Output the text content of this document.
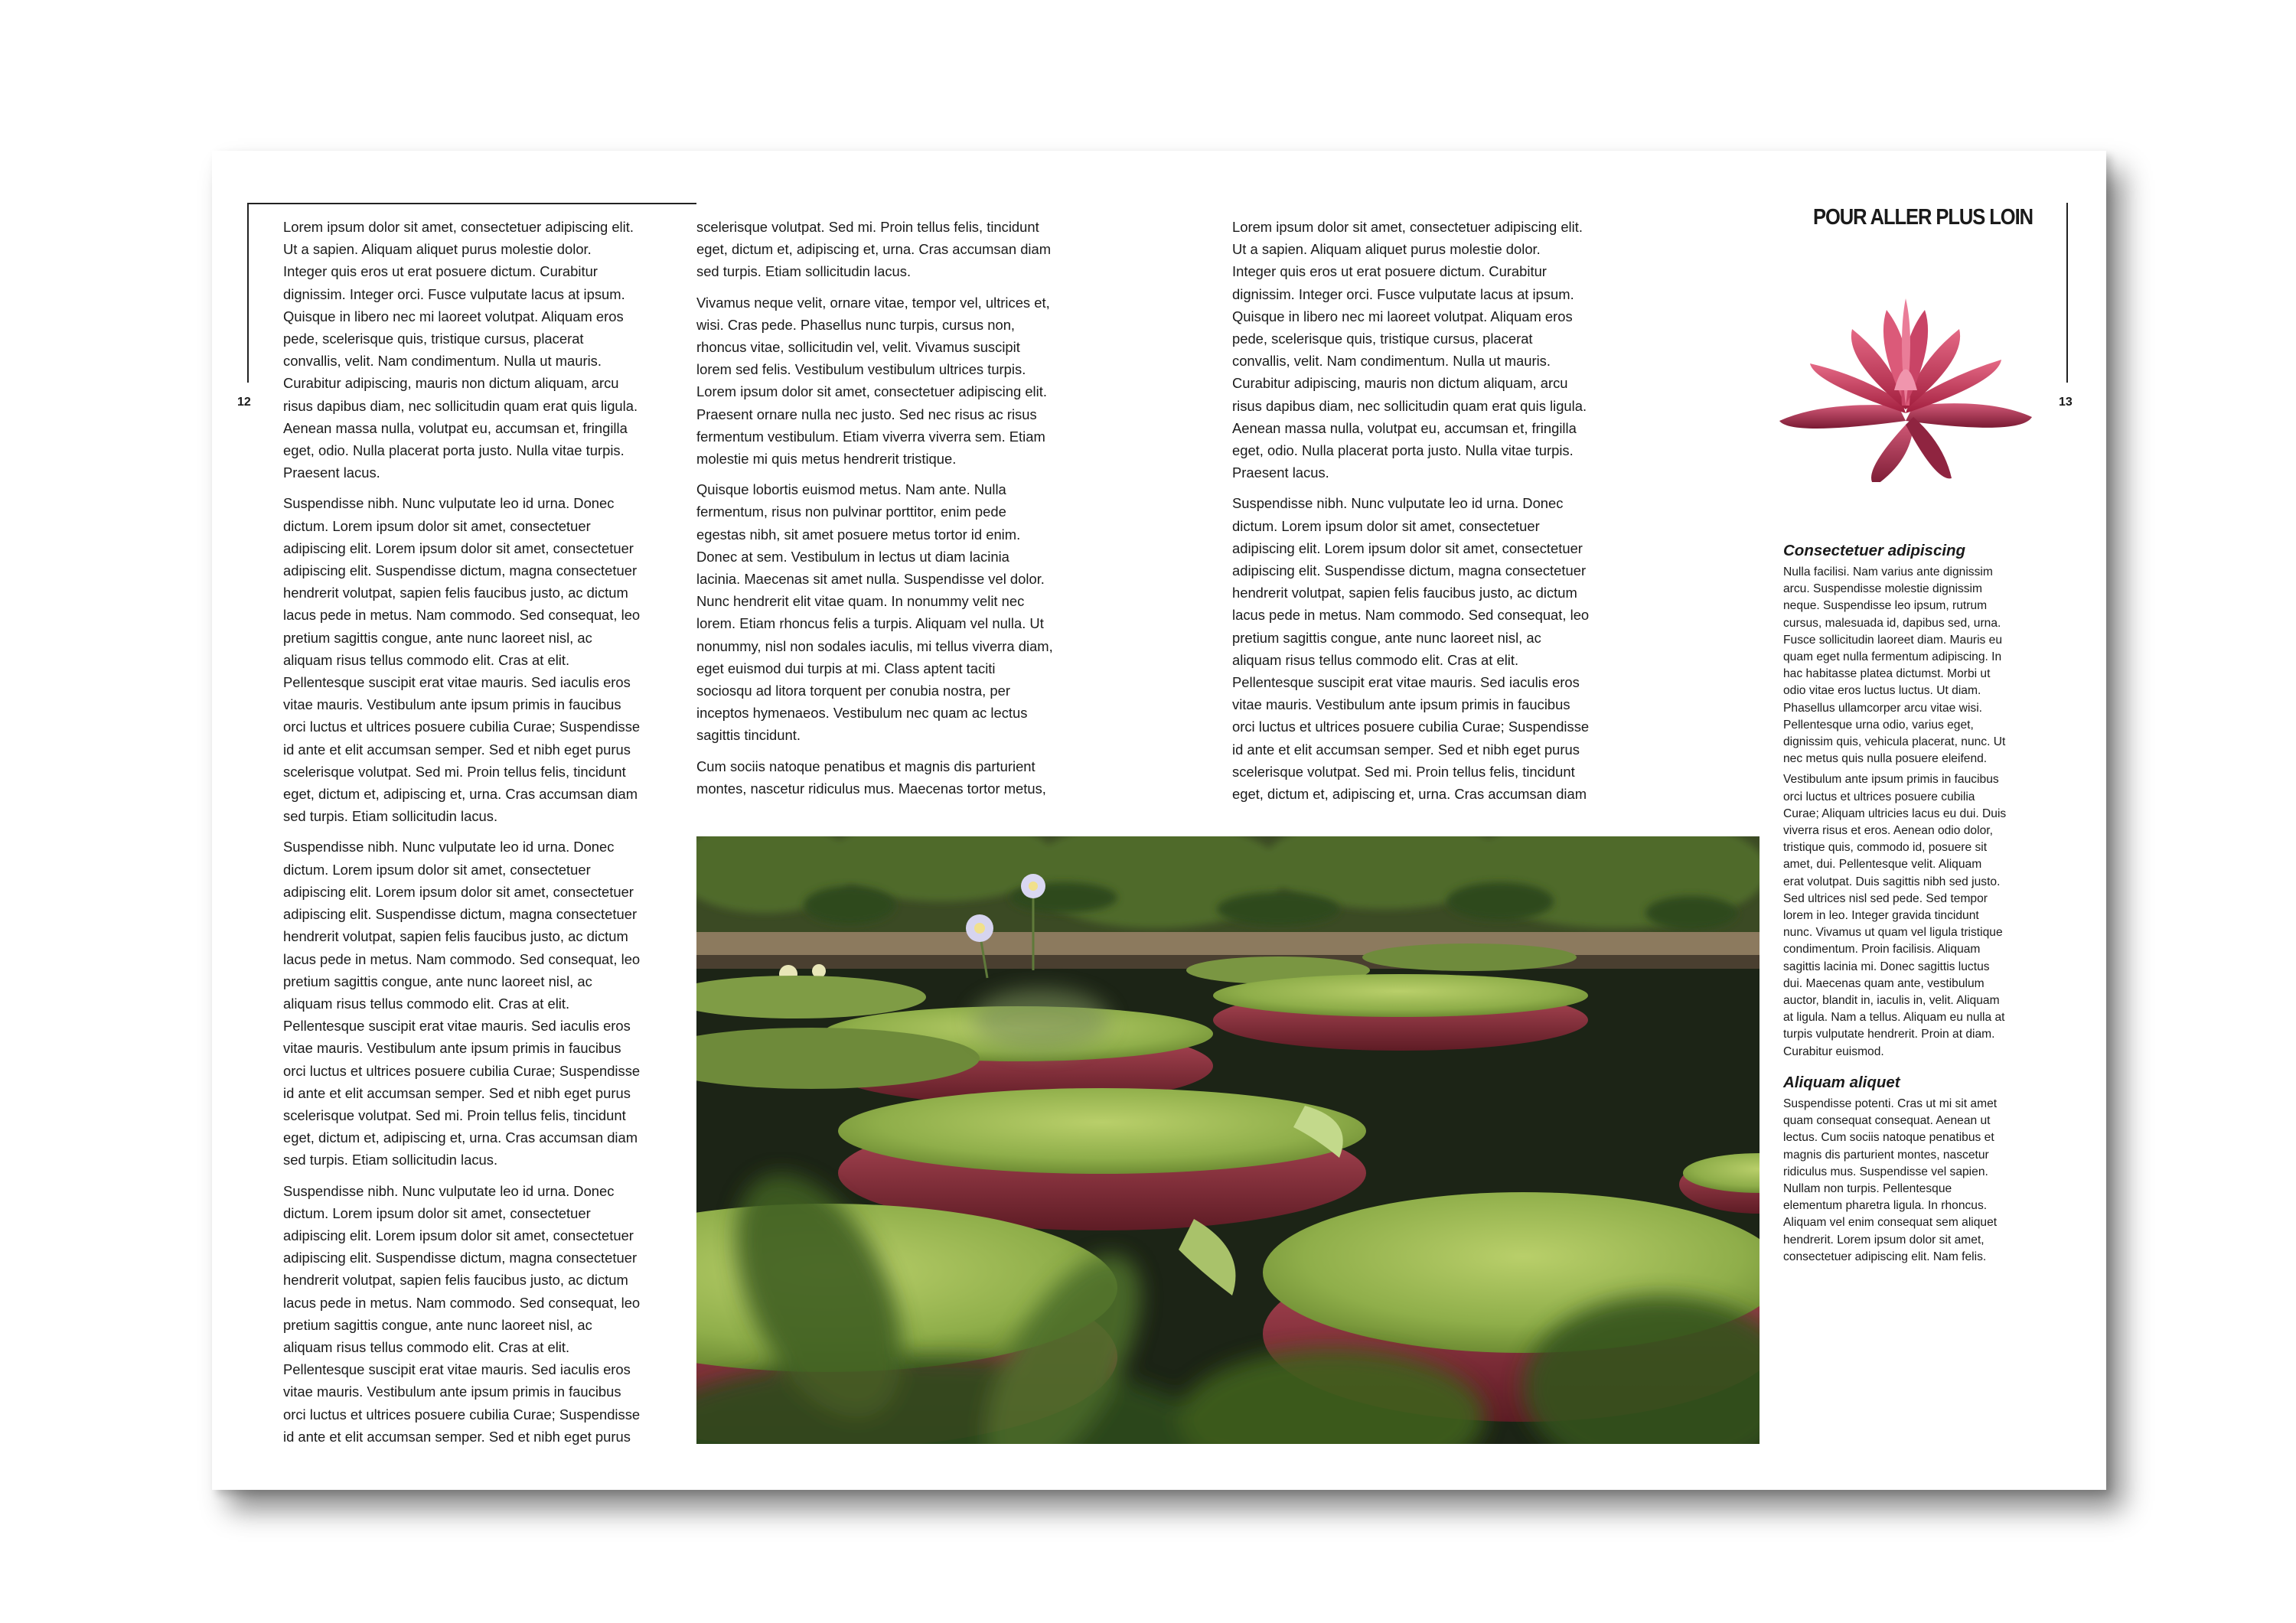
12	13

Lorem ipsum dolor sit amet, consectetuer adipiscing elit.
Ut a sapien. Aliquam aliquet purus molestie dolor.
Integer quis eros ut erat posuere dictum. Curabitur
dignissim. Integer orci. Fusce vulputate lacus at ipsum.
Quisque in libero nec mi laoreet volutpat. Aliquam eros
pede, scelerisque quis, tristique cursus, placerat
convallis, velit. Nam condimentum. Nulla ut mauris.
Curabitur adipiscing, mauris non dictum aliquam, arcu
risus dapibus diam, nec sollicitudin quam erat quis ligula.
Aenean massa nulla, volutpat eu, accumsan et, fringilla
eget, odio. Nulla placerat porta justo. Nulla vitae turpis.
Praesent lacus.

Suspendisse nibh. Nunc vulputate leo id urna. Donec
dictum. Lorem ipsum dolor sit amet, consectetuer
adipiscing elit. Lorem ipsum dolor sit amet, consectetuer
adipiscing elit. Suspendisse dictum, magna consectetuer
hendrerit volutpat, sapien felis faucibus justo, ac dictum
lacus pede in metus. Nam commodo. Sed consequat, leo
pretium sagittis congue, ante nunc laoreet nisl, ac
aliquam risus tellus commodo elit. Cras at elit.
Pellentesque suscipit erat vitae mauris. Sed iaculis eros
vitae mauris. Vestibulum ante ipsum primis in faucibus
orci luctus et ultrices posuere cubilia Curae; Suspendisse
id ante et elit accumsan semper. Sed et nibh eget purus
scelerisque volutpat. Sed mi. Proin tellus felis, tincidunt
eget, dictum et, adipiscing et, urna. Cras accumsan diam
sed turpis. Etiam sollicitudin lacus.

Suspendisse nibh. Nunc vulputate leo id urna. Donec
dictum. Lorem ipsum dolor sit amet, consectetuer
adipiscing elit. Lorem ipsum dolor sit amet, consectetuer
adipiscing elit. Suspendisse dictum, magna consectetuer
hendrerit volutpat, sapien felis faucibus justo, ac dictum
lacus pede in metus. Nam commodo. Sed consequat, leo
pretium sagittis congue, ante nunc laoreet nisl, ac
aliquam risus tellus commodo elit. Cras at elit.
Pellentesque suscipit erat vitae mauris. Sed iaculis eros
vitae mauris. Vestibulum ante ipsum primis in faucibus
orci luctus et ultrices posuere cubilia Curae; Suspendisse
id ante et elit accumsan semper. Sed et nibh eget purus
scelerisque volutpat. Sed mi. Proin tellus felis, tincidunt
eget, dictum et, adipiscing et, urna. Cras accumsan diam
sed turpis. Etiam sollicitudin lacus.

Suspendisse nibh. Nunc vulputate leo id urna. Donec
dictum. Lorem ipsum dolor sit amet, consectetuer
adipiscing elit. Lorem ipsum dolor sit amet, consectetuer
adipiscing elit. Suspendisse dictum, magna consectetuer
hendrerit volutpat, sapien felis faucibus justo, ac dictum
lacus pede in metus. Nam commodo. Sed consequat, leo
pretium sagittis congue, ante nunc laoreet nisl, ac
aliquam risus tellus commodo elit. Cras at elit.
Pellentesque suscipit erat vitae mauris. Sed iaculis eros
vitae mauris. Vestibulum ante ipsum primis in faucibus
orci luctus et ultrices posuere cubilia Curae; Suspendisse
id ante et elit accumsan semper. Sed et nibh eget purus

scelerisque volutpat. Sed mi. Proin tellus felis, tincidunt
eget, dictum et, adipiscing et, urna. Cras accumsan diam
sed turpis. Etiam sollicitudin lacus.

Vivamus neque velit, ornare vitae, tempor vel, ultrices et,
wisi. Cras pede. Phasellus nunc turpis, cursus non,
rhoncus vitae, sollicitudin vel, velit. Vivamus suscipit
lorem sed felis. Vestibulum vestibulum ultrices turpis.
Lorem ipsum dolor sit amet, consectetuer adipiscing elit.
Praesent ornare nulla nec justo. Sed nec risus ac risus
fermentum vestibulum. Etiam viverra viverra sem. Etiam
molestie mi quis metus hendrerit tristique.

Quisque lobortis euismod metus. Nam ante. Nulla
fermentum, risus non pulvinar porttitor, enim pede
egestas nibh, sit amet posuere metus tortor id enim.
Donec at sem. Vestibulum in lectus ut diam lacinia
lacinia. Maecenas sit amet nulla. Suspendisse vel dolor.
Nunc hendrerit elit vitae quam. In nonummy velit nec
lorem. Etiam rhoncus felis a turpis. Aliquam vel nulla. Ut
nonummy, nisl non sodales iaculis, mi tellus viverra diam,
eget euismod dui turpis at mi. Class aptent taciti
sociosqu ad litora torquent per conubia nostra, per
inceptos hymenaeos. Vestibulum nec quam ac lectus
sagittis tincidunt.

Cum sociis natoque penatibus et magnis dis parturient
montes, nascetur ridiculus mus. Maecenas tortor metus,

Lorem ipsum dolor sit amet, consectetuer adipiscing elit.
Ut a sapien. Aliquam aliquet purus molestie dolor.
Integer quis eros ut erat posuere dictum. Curabitur
dignissim. Integer orci. Fusce vulputate lacus at ipsum.
Quisque in libero nec mi laoreet volutpat. Aliquam eros
pede, scelerisque quis, tristique cursus, placerat
convallis, velit. Nam condimentum. Nulla ut mauris.
Curabitur adipiscing, mauris non dictum aliquam, arcu
risus dapibus diam, nec sollicitudin quam erat quis ligula.
Aenean massa nulla, volutpat eu, accumsan et, fringilla
eget, odio. Nulla placerat porta justo. Nulla vitae turpis.
Praesent lacus.

Suspendisse nibh. Nunc vulputate leo id urna. Donec
dictum. Lorem ipsum dolor sit amet, consectetuer
adipiscing elit. Lorem ipsum dolor sit amet, consectetuer
adipiscing elit. Suspendisse dictum, magna consectetuer
hendrerit volutpat, sapien felis faucibus justo, ac dictum
lacus pede in metus. Nam commodo. Sed consequat, leo
pretium sagittis congue, ante nunc laoreet nisl, ac
aliquam risus tellus commodo elit. Cras at elit.
Pellentesque suscipit erat vitae mauris. Sed iaculis eros
vitae mauris. Vestibulum ante ipsum primis in faucibus
orci luctus et ultrices posuere cubilia Curae; Suspendisse
id ante et elit accumsan semper. Sed et nibh eget purus
scelerisque volutpat. Sed mi. Proin tellus felis, tincidunt
eget, dictum et, adipiscing et, urna. Cras accumsan diam

POUR ALLER PLUS LOIN
Consectetuer adipiscing

Nulla facilisi. Nam varius ante dignissim
arcu. Suspendisse molestie dignissim
neque. Suspendisse leo ipsum, rutrum
cursus, malesuada id, dapibus sed, urna.
Fusce sollicitudin laoreet diam. Mauris eu
quam eget nulla fermentum adipiscing. In
hac habitasse platea dictumst. Morbi ut
odio vitae eros luctus luctus. Ut diam.
Phasellus ullamcorper arcu vitae wisi.
Pellentesque urna odio, varius eget,
dignissim quis, vehicula placerat, nunc. Ut
nec metus quis nulla posuere eleifend.

Vestibulum ante ipsum primis in faucibus
orci luctus et ultrices posuere cubilia
Curae; Aliquam ultricies lacus eu dui. Duis
viverra risus et eros. Aenean odio dolor,
tristique quis, commodo id, posuere sit
amet, dui. Pellentesque velit. Aliquam
erat volutpat. Duis sagittis nibh sed justo.
Sed ultrices nisl sed pede. Sed tempor
lorem in leo. Integer gravida tincidunt
nunc. Vivamus ut quam vel ligula tristique
condimentum. Proin facilisis. Aliquam
sagittis lacinia mi. Donec sagittis luctus
dui. Maecenas quam ante, vestibulum
auctor, blandit in, iaculis in, velit. Aliquam
at ligula. Nam a tellus. Aliquam eu nulla at
turpis vulputate hendrerit. Proin at diam.
Curabitur euismod.

Aliquam aliquet

Suspendisse potenti. Cras ut mi sit amet
quam consequat consequat. Aenean ut
lectus. Cum sociis natoque penatibus et
magnis dis parturient montes, nascetur
ridiculus mus. Suspendisse vel sapien.
Nullam non turpis. Pellentesque
elementum pharetra ligula. In rhoncus.
Aliquam vel enim consequat sem aliquet
hendrerit. Lorem ipsum dolor sit amet,
consectetuer adipiscing elit. Nam felis.
